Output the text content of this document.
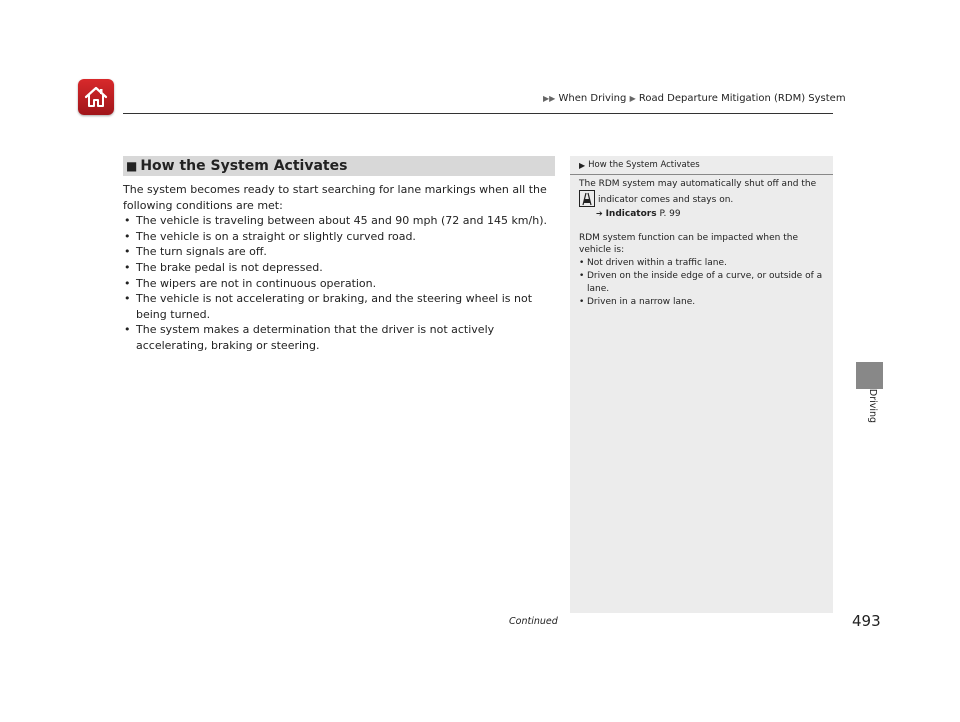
▶▶ When Driving ▶ Road Departure Mitigation (RDM) System
■ How the System Activates

The system becomes ready to start searching for lane markings when all the following conditions are met:

• The vehicle is traveling between about 45 and 90 mph (72 and 145 km/h).
• The vehicle is on a straight or slightly curved road.
• The turn signals are off.
• The brake pedal is not depressed.
• The wipers are not in continuous operation.
• The vehicle is not accelerating or braking, and the steering wheel is not being turned.
• The system makes a determination that the driver is not actively accelerating, braking or steering.
▶ How the System Activates

The RDM system may automatically shut off and the

indicator comes and stays on.

➔ Indicators P. 99

RDM system function can be impacted when the vehicle is:

• Not driven within a traffic lane.
• Driven on the inside edge of a curve, or outside of a lane.
• Driven in a narrow lane.
Driving
Continued	493
